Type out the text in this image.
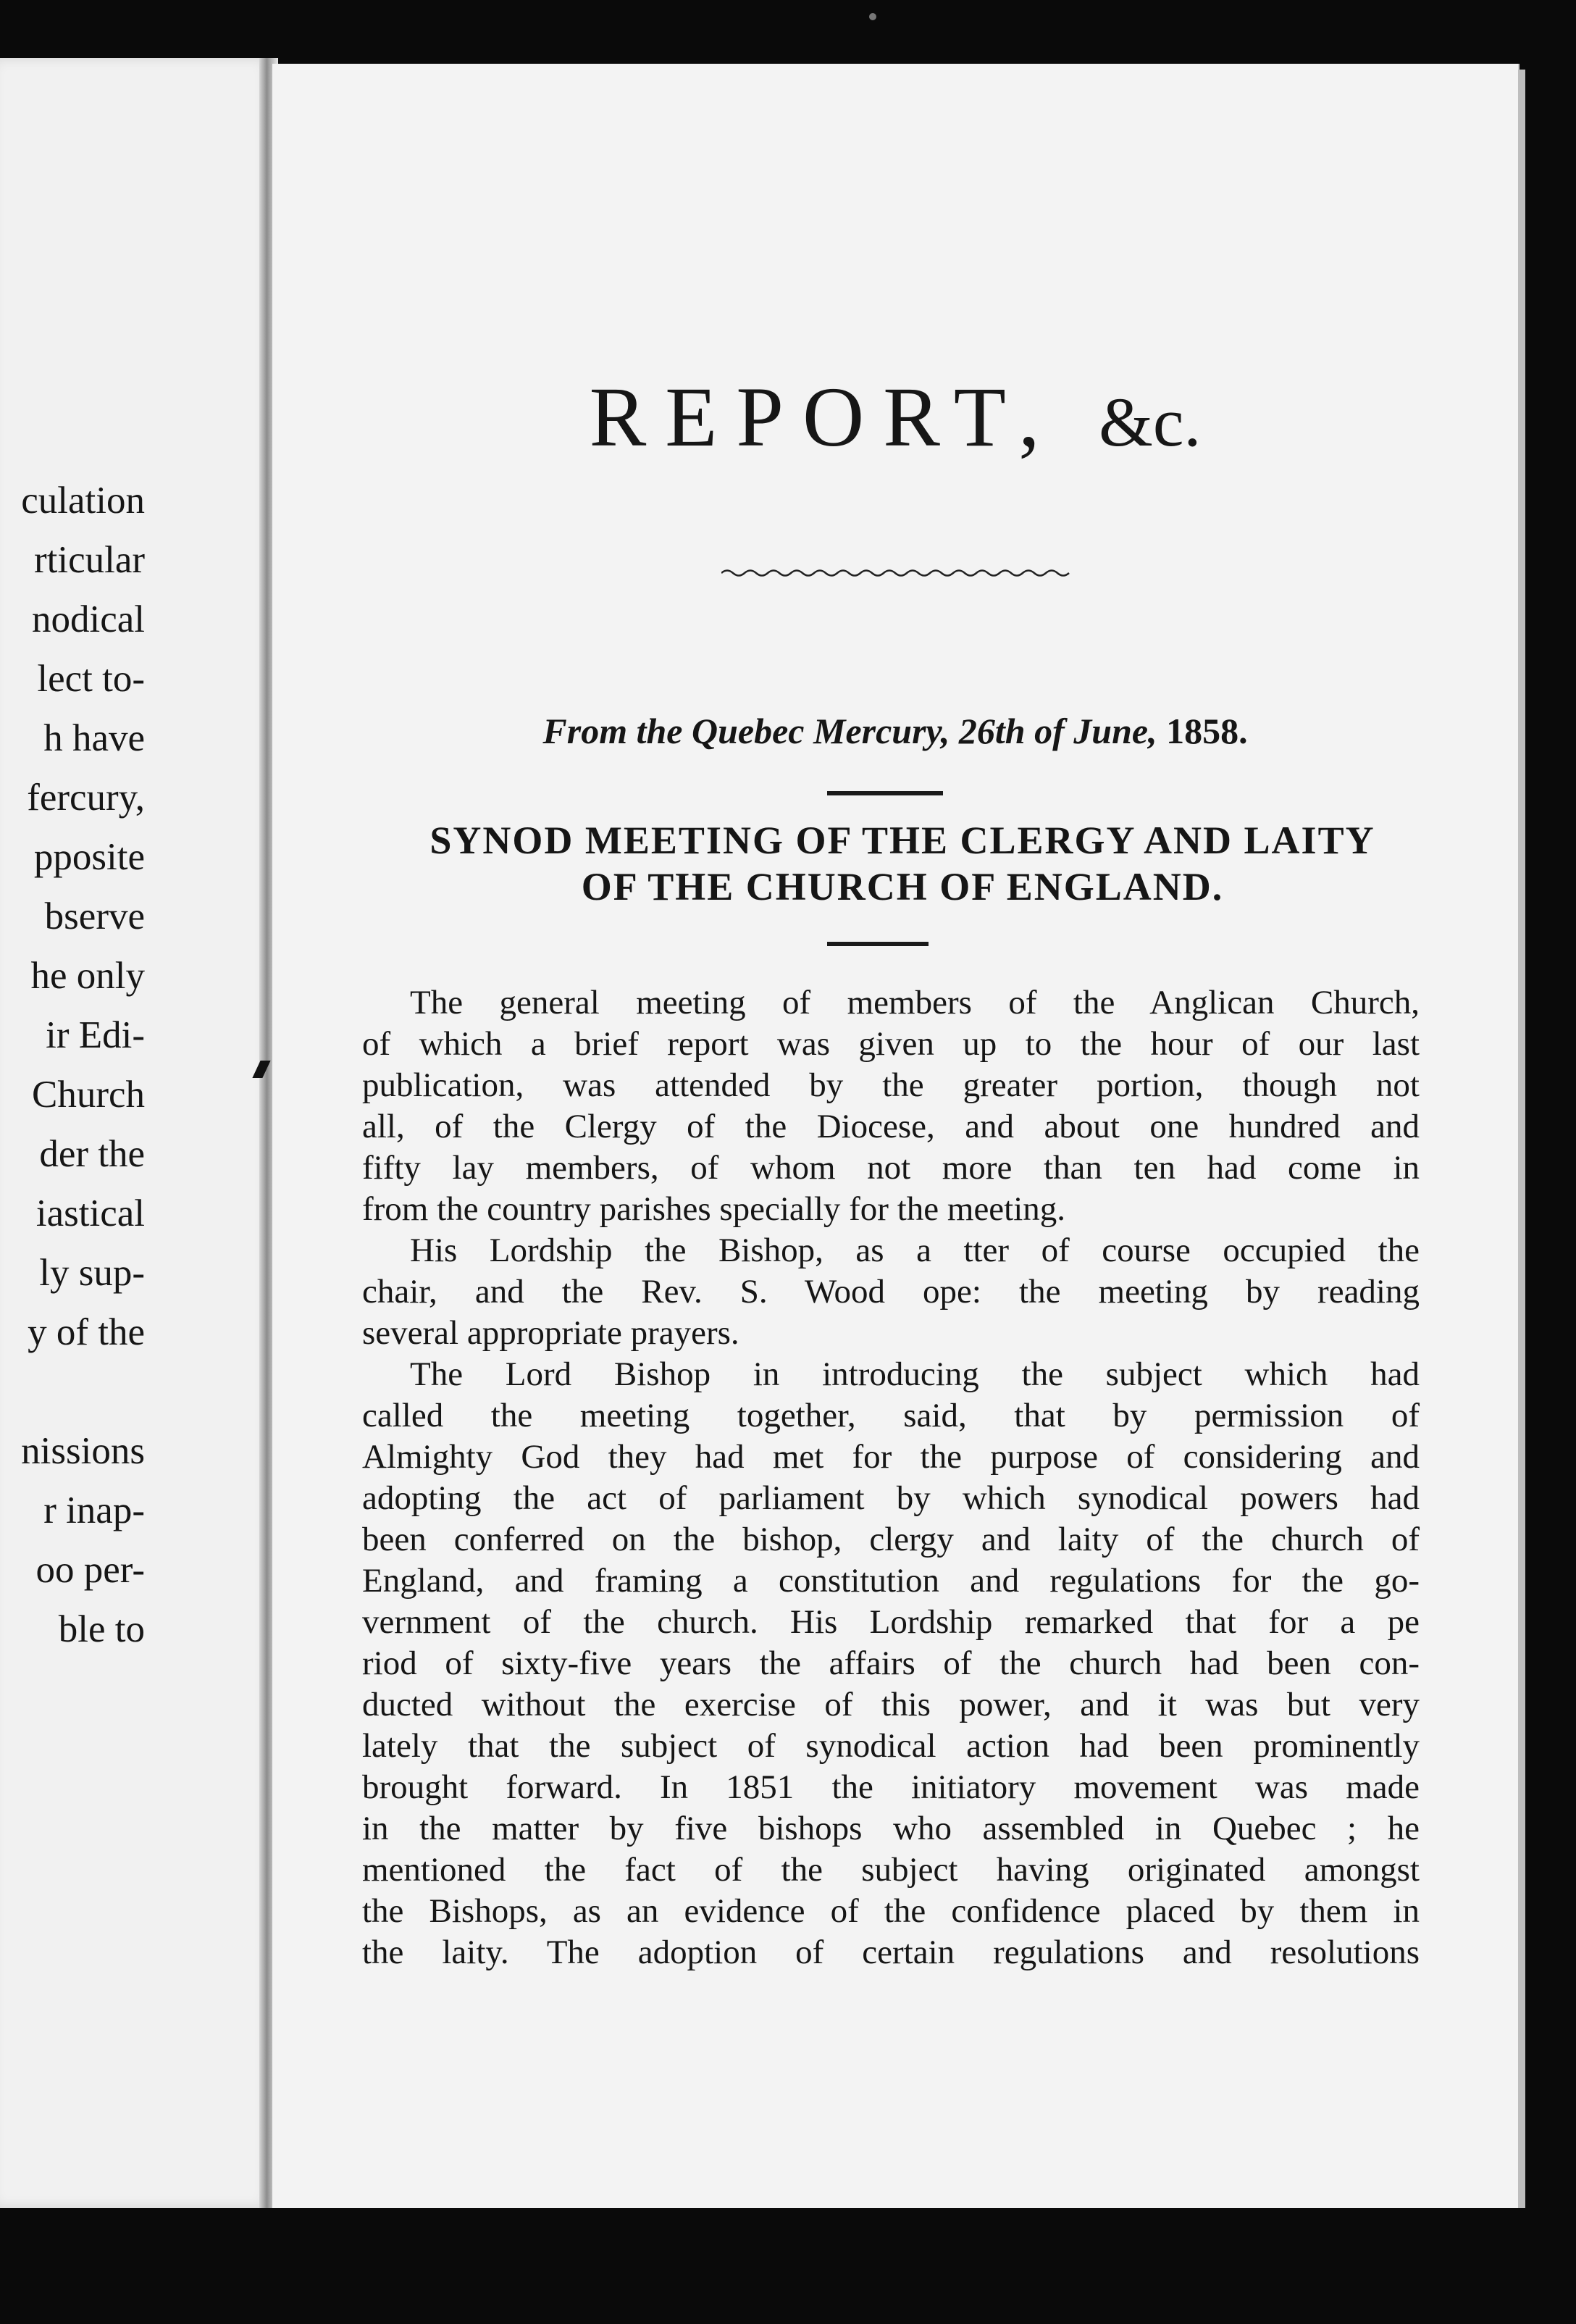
culation
rticular
nodical
lect to-
h have
fercury,
pposite
bserve
he only
ir Edi-
Church
der the
iastical
ly sup-
y of the

nissions
r inap-
oo per-
ble to
REPORT, &c.
From the Quebec Mercury, 26th of June, 1858.
SYNOD MEETING OF THE CLERGY AND LAITY
OF THE CHURCH OF ENGLAND.
The general meeting of members of the Anglican Church,
of which a brief report was given up to the hour of our last
publication, was attended by the greater portion, though not
all, of the Clergy of the Diocese, and about one hundred and
fifty lay members, of whom not more than ten had come in
from the country parishes specially for the meeting.
His Lordship the Bishop, as a tter of course occupied the
chair, and the Rev. S. Wood ope: the meeting by reading
several appropriate prayers.
The Lord Bishop in introducing the subject which had
called the meeting together, said, that by permission of
Almighty God they had met for the purpose of considering and
adopting the act of parliament by which synodical powers had
been conferred on the bishop, clergy and laity of the church of
England, and framing a constitution and regulations for the go-
vernment of the church. His Lordship remarked that for a pe
riod of sixty-five years the affairs of the church had been con-
ducted without the exercise of this power, and it was but very
lately that the subject of synodical action had been prominently
brought forward. In 1851 the initiatory movement was made
in the matter by five bishops who assembled in Quebec ; he
mentioned the fact of the subject having originated amongst
the Bishops, as an evidence of the confidence placed by them in
the laity. The adoption of certain regulations and resolutions
